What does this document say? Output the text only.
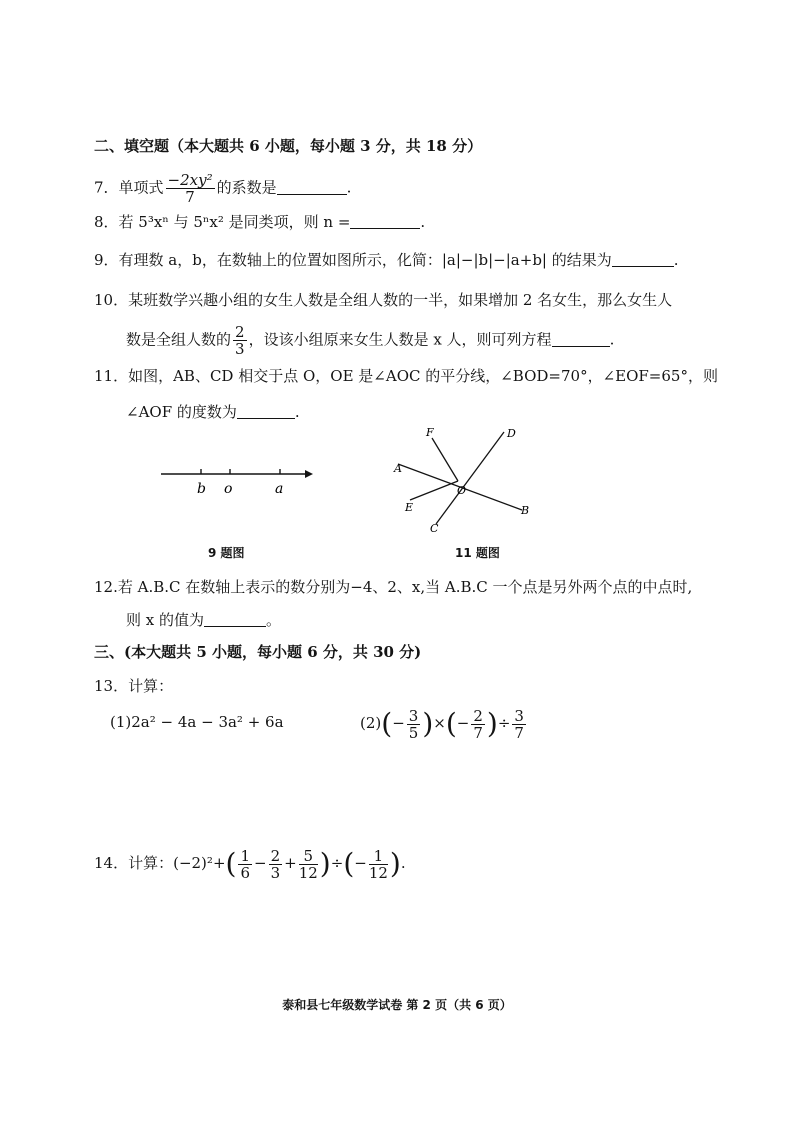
二、填空题（本大题共 6 小题，每小题 3 分，共 18 分）
7．单项式 $\frac{\text{−2xy²}}{7}$ 的系数是	.
8．若 5³xⁿ 与 5ⁿx² 是同类项，则 n =	.
9．有理数 a，b，在数轴上的位置如图所示，化简：|a|−|b|−|a+b| 的结果为	.
10．某班数学兴趣小组的女生人数是全组人数的一半，如果增加 2 名女生，那么女生人
数是全组人数的 $\frac{2}{3}$ ，设该小组原来女生人数是 x 人，则可列方程	.
11．如图，AB、CD 相交于点 O，OE 是∠AOC 的平分线，∠BOD=70°，∠EOF=65°，则
∠AOF 的度数为	.
b o	a
F	D
A
O
E
C
B
9 题图	11 题图
12.若 A.B.C 在数轴上表示的数分别为−4、2、x,当 A.B.C 一个点是另外两个点的中点时,
则 x 的值为	。
三、(本大题共 5 小题，每小题 6 分，共 30 分)
13．计算：
(1)2a² − 4a − 3a² + 6a	$(2)(- \frac{3}{5}$ )×(− $\frac{2}{7}$ )÷ $\frac{3}{7}$
14．计算：$(-2)^2+( \frac{1}{6} - \frac{2}{3} + \frac{5}{12}$ )÷(− $\frac{1}{12}$ ).
泰和县七年级数学试卷 第 2 页（共 6 页）
